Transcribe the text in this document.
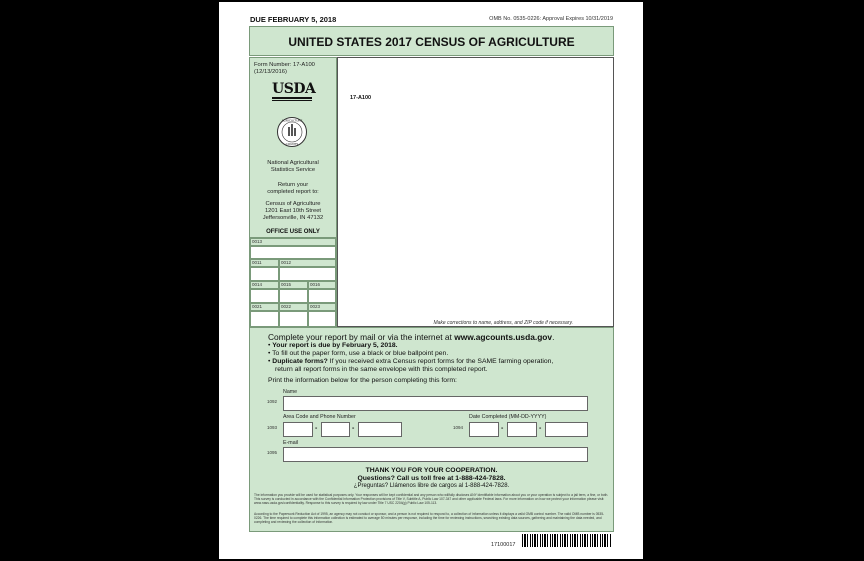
DUE FEBRUARY 5, 2018	OMB No. 0535-0226: Approval Expires 10/31/2019
UNITED STATES 2017 CENSUS OF AGRICULTURE
Form Number: 17-A100
(12/13/2016)
USDA
AGRICULTURE
COUNTS
National Agricultural
Statistics Service
Return your
completed report to:
Census of Agriculture
1201 East 10th Street
Jeffersonville, IN 47132
OFFICE USE ONLY
0013
0011	0012
0014	0015	0016
0021	0022	0023
17-A100
Make corrections to name, address, and ZIP code if necessary.
Complete your report by mail or via the internet at www.agcounts.usda.gov.
• Your report is due by February 5, 2018.
• To fill out the paper form, use a black or blue ballpoint pen.
• Duplicate forms? If you received extra Census report forms for the SAME farming operation,
return all report forms in the same envelope with this completed report.
Print the information below for the person completing this form:
Name
1092
Area Code and Phone Number
1093	-	-
Date Completed (MM-DD-YYYY)
1094	-	-
E-mail
1095
THANK YOU FOR YOUR COOPERATION.
Questions? Call us toll free at 1-888-424-7828.
¿Preguntas? Llámenos libre de cargos al 1-888-424-7828.
The information you provide will be used for statistical purposes only. Your responses will be kept confidential and any person who willfully discloses ANY identifiable information about you or your operation is subject to a jail term, a fine, or both. This survey is conducted in accordance with the Confidential Information Protection provisions of Title V, Subtitle A, Public Law 107-347 and other applicable Federal laws. For more information on how we protect your information please visit: www.nass.usda.gov/confidentiality. Response to this survey is required by law under Title 7 USC 2204(g) Public Law 105-113.
According to the Paperwork Reduction Act of 1995, an agency may not conduct or sponsor, and a person is not required to respond to, a collection of information unless it displays a valid OMB control number. The valid OMB number is 0535-0226. The time required to complete this information collection is estimated to average 50 minutes per response, including the time for reviewing instructions, searching existing data sources, gathering and maintaining the data needed, and completing and reviewing the collection of information.
17100017
